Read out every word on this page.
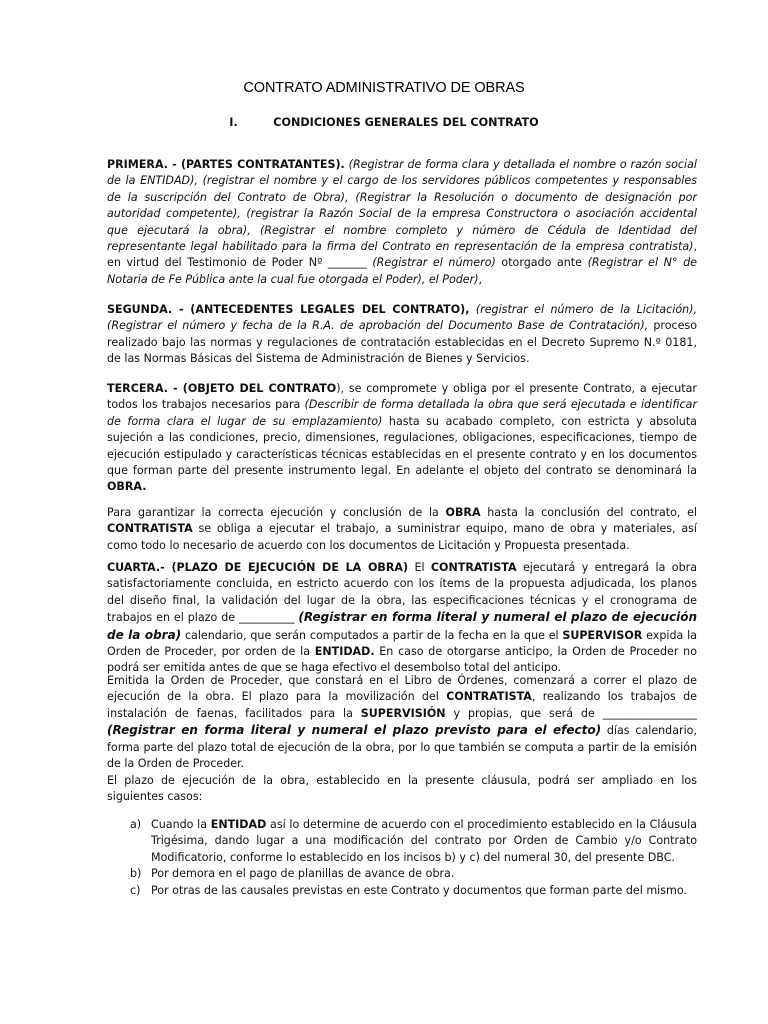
CONTRATO ADMINISTRATIVO DE OBRAS
I.	CONDICIONES GENERALES DEL CONTRATO
PRIMERA. - (PARTES CONTRATANTES). (Registrar de forma clara y detallada el nombre o razón social de la ENTIDAD), (registrar el nombre y el cargo de los servidores públicos competentes y responsables de la suscripción del Contrato de Obra), (Registrar la Resolución o documento de designación por autoridad competente), (registrar la Razón Social de la empresa Constructora o asociación accidental que ejecutará la obra), (Registrar el nombre completo y número de Cédula de Identidad del representante legal habilitado para la firma del Contrato en representación de la empresa contratista), en virtud del Testimonio de Poder Nº _______ (Registrar el número) otorgado ante (Registrar el N° de Notaria de Fe Pública ante la cual fue otorgada el Poder), el Poder),
SEGUNDA. - (ANTECEDENTES LEGALES DEL CONTRATO), (registrar el número de la Licitación), (Registrar el número y fecha de la R.A. de aprobación del Documento Base de Contratación), proceso realizado bajo las normas y regulaciones de contratación establecidas en el Decreto Supremo N.º 0181, de las Normas Básicas del Sistema de Administración de Bienes y Servicios.
TERCERA. - (OBJETO DEL CONTRATO), se compromete y obliga por el presente Contrato, a ejecutar todos los trabajos necesarios para (Describir de forma detallada la obra que será ejecutada e identificar de forma clara el lugar de su emplazamiento) hasta su acabado completo, con estricta y absoluta sujeción a las condiciones, precio, dimensiones, regulaciones, obligaciones, especificaciones, tiempo de ejecución estipulado y características técnicas establecidas en el presente contrato y en los documentos que forman parte del presente instrumento legal. En adelante el objeto del contrato se denominará la OBRA.
Para garantizar la correcta ejecución y conclusión de la OBRA hasta la conclusión del contrato, el CONTRATISTA se obliga a ejecutar el trabajo, a suministrar equipo, mano de obra y materiales, así como todo lo necesario de acuerdo con los documentos de Licitación y Propuesta presentada.
CUARTA.- (PLAZO DE EJECUCIÓN DE LA OBRA) El CONTRATISTA ejecutará y entregará la obra satisfactoriamente concluida, en estricto acuerdo con los ítems de la propuesta adjudicada, los planos del diseño final, la validación del lugar de la obra, las especificaciones técnicas y el cronograma de trabajos en el plazo de __________ (Registrar en forma literal y numeral el plazo de ejecución de la obra) calendario, que serán computados a partir de la fecha en la que el SUPERVISOR expida la Orden de Proceder, por orden de la ENTIDAD. En caso de otorgarse anticipo, la Orden de Proceder no podrá ser emitida antes de que se haga efectivo el desembolso total del anticipo.
Emitida la Orden de Proceder, que constará en el Libro de Órdenes, comenzará a correr el plazo de ejecución de la obra. El plazo para la movilización del CONTRATISTA, realizando los trabajos de instalación de faenas, facilitados para la SUPERVISIÓN y propias, que será de _________________ (Registrar en forma literal y numeral el plazo previsto para el efecto) días calendario, forma parte del plazo total de ejecución de la obra, por lo que también se computa a partir de la emisión de la Orden de Proceder.
El plazo de ejecución de la obra, establecido en la presente cláusula, podrá ser ampliado en los siguientes casos:
a) Cuando la ENTIDAD así lo determine de acuerdo con el procedimiento establecido en la Cláusula Trigésima, dando lugar a una modificación del contrato por Orden de Cambio y/o Contrato Modificatorio, conforme lo establecido en los incisos b) y c) del numeral 30, del presente DBC.
b) Por demora en el pago de planillas de avance de obra.
c) Por otras de las causales previstas en este Contrato y documentos que forman parte del mismo.
